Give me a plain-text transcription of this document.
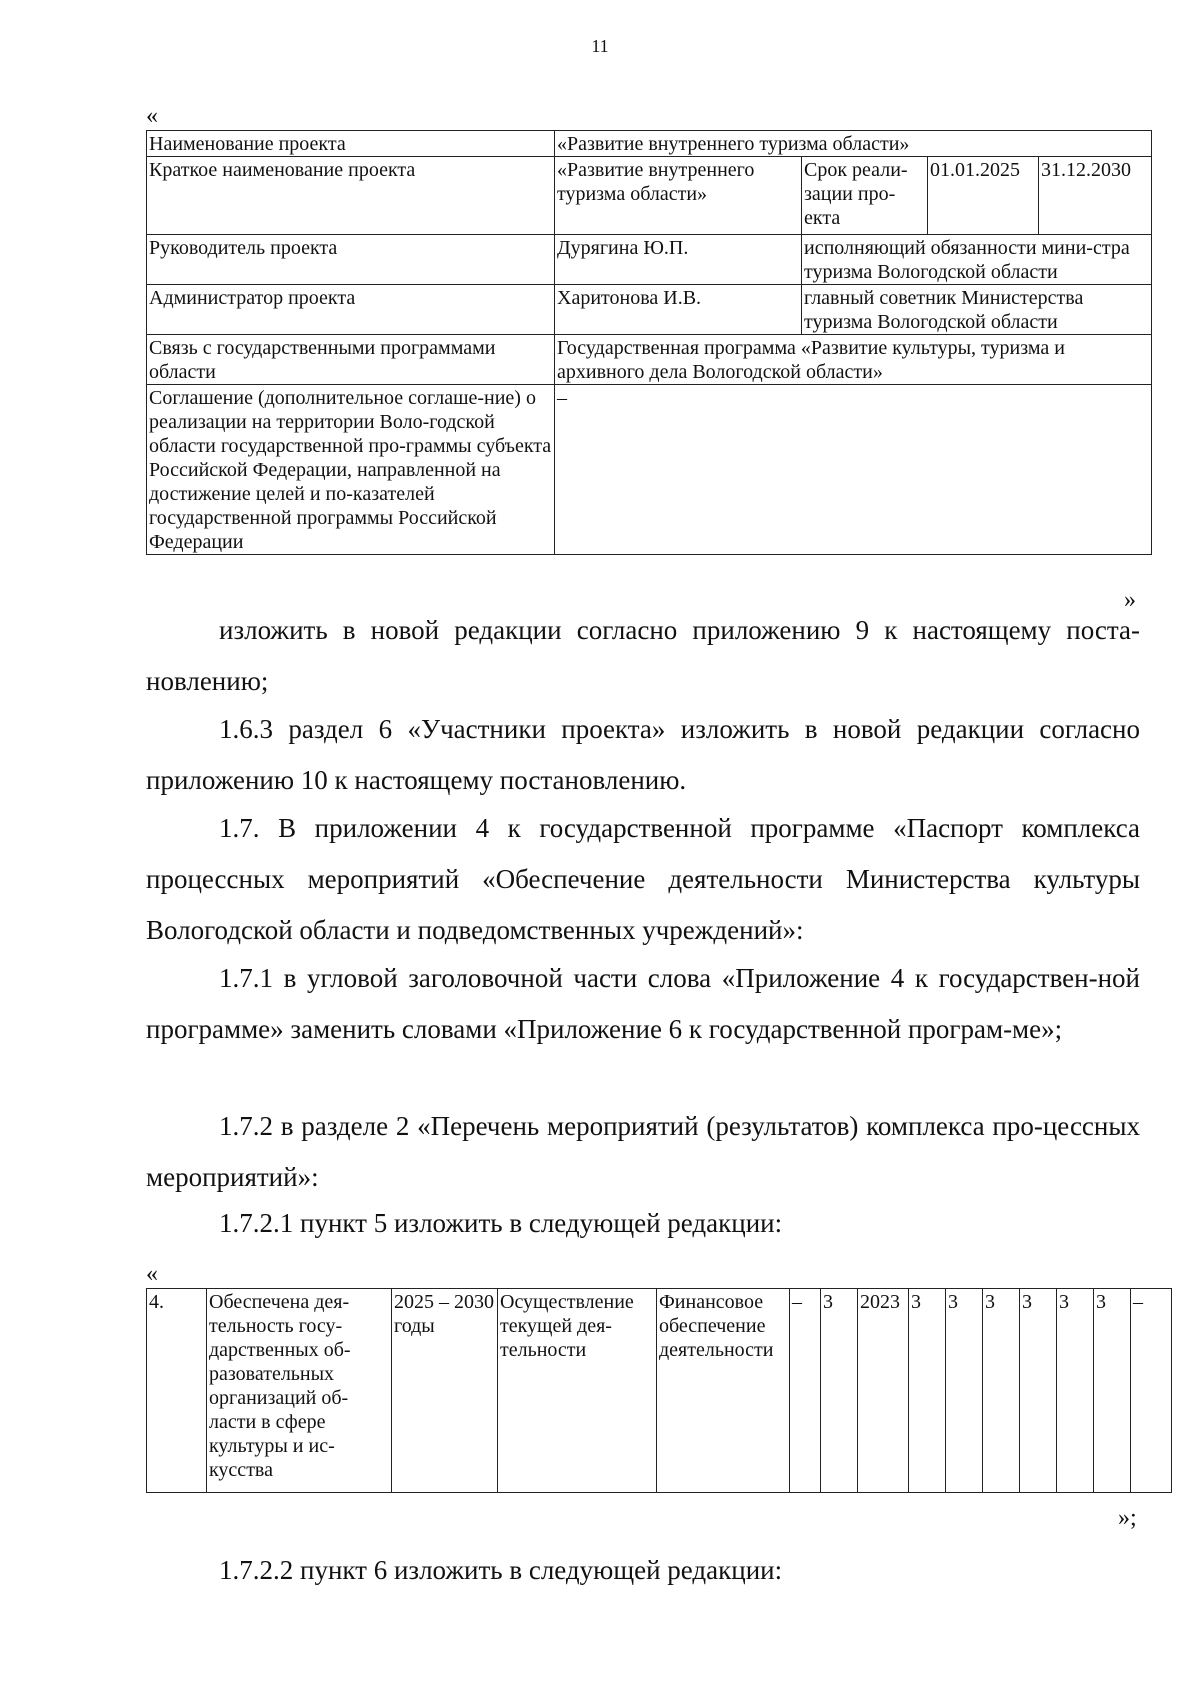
11
«
Наименование проекта	«Развитие внутреннего туризма области»			
Краткое наименование проекта	«Развитие внутреннего туризма области»	Срок реали-зации про-екта	01.01.2025	31.12.2030
Руководитель проекта	Дурягина Ю.П.	исполняющий обязанности мини-стра туризма Вологодской области		
Администратор проекта	Харитонова И.В.	главный советник Министерства туризма Вологодской области		
Связь с государственными программами области	Государственная программа «Развитие культуры, туризма и архивного дела Вологодской области»			
Соглашение (дополнительное соглаше-ние) о реализации на территории Воло-годской области государственной про-граммы субъекта Российской Федерации, направленной на достижение целей и по-казателей государственной программы Российской Федерации	–			
»
изложить в новой редакции согласно приложению 9 к настоящему поста-новлению;
1.6.3 раздел 6 «Участники проекта» изложить в новой редакции согласно приложению 10 к настоящему постановлению.
1.7. В приложении 4 к государственной программе «Паспорт комплекса процессных мероприятий «Обеспечение деятельности Министерства культуры Вологодской области и подведомственных учреждений»:
1.7.1 в угловой заголовочной части слова «Приложение 4 к государствен-ной программе» заменить словами «Приложение 6 к государственной програм-ме»;
1.7.2 в разделе 2 «Перечень мероприятий (результатов) комплекса про-цессных мероприятий»:
1.7.2.1 пункт 5 изложить в следующей редакции:
«
4.	Обеспечена дея-тельность госу-дарственных об-разовательных организаций об-ласти в сфере культуры и ис-кусства	2025 – 2030 годы	Осуществление текущей дея-тельности	Финансовое обеспечение деятельности	–	3	2023	3	3	3	3	3	3	–
»;
1.7.2.2 пункт 6 изложить в следующей редакции:
